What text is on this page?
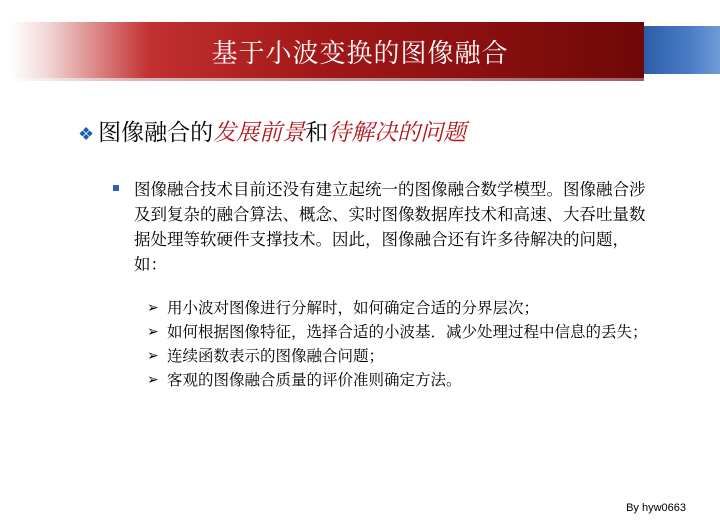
基于小波变换的图像融合
❖ 图像融合的发展前景和待解决的问题
图像融合技术目前还没有建立起统一的图像融合数学模型。图像融合涉及到复杂的融合算法、概念、实时图像数据库技术和高速、大吞吐量数据处理等软硬件支撑技术。因此，图像融合还有许多待解决的问题，如：
➢ 用小波对图像进行分解时，如何确定合适的分界层次；
➢ 如何根据图像特征，选择合适的小波基．减少处理过程中信息的丢失；
➢ 连续函数表示的图像融合问题；
➢ 客观的图像融合质量的评价准则确定方法。
By hyw0663
